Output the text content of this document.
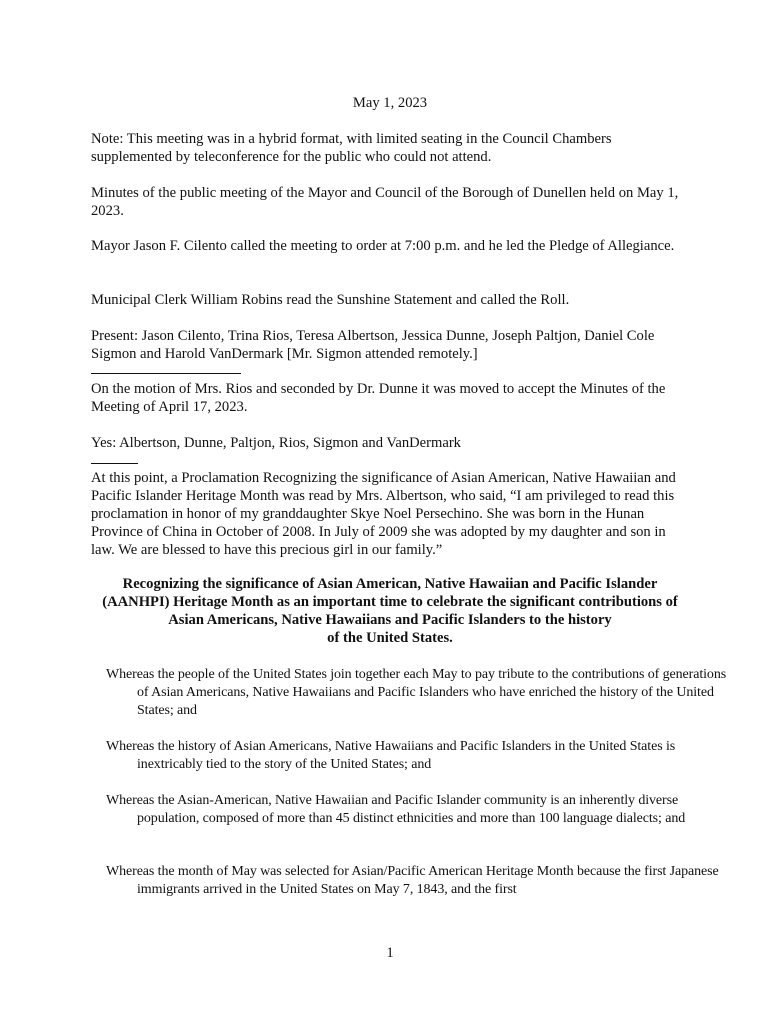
May 1, 2023

Note: This meeting was in a hybrid format, with limited seating in the Council Chambers supplemented by teleconference for the public who could not attend.

Minutes of the public meeting of the Mayor and Council of the Borough of Dunellen held on May 1, 2023.

Mayor Jason F. Cilento called the meeting to order at 7:00 p.m. and he led the Pledge of Allegiance.

Municipal Clerk William Robins read the Sunshine Statement and called the Roll.

Present: Jason Cilento, Trina Rios, Teresa Albertson, Jessica Dunne, Joseph Paltjon, Daniel Cole Sigmon and Harold VanDermark [Mr. Sigmon attended remotely.]

On the motion of Mrs. Rios and seconded by Dr. Dunne it was moved to accept the Minutes of the Meeting of April 17, 2023.

Yes: Albertson, Dunne, Paltjon, Rios, Sigmon and VanDermark

At this point, a Proclamation Recognizing the significance of Asian American, Native Hawaiian and Pacific Islander Heritage Month was read by Mrs. Albertson, who said, “I am privileged to read this proclamation in honor of my granddaughter Skye Noel Persechino. She was born in the Hunan Province of China in October of 2008. In July of 2009 she was adopted by my daughter and son in law. We are blessed to have this precious girl in our family.”

Recognizing the significance of Asian American, Native Hawaiian and Pacific Islander
(AANHPI) Heritage Month as an important time to celebrate the significant contributions of
Asian Americans, Native Hawaiians and Pacific Islanders to the history
of the United States.

Whereas the people of the United States join together each May to pay tribute to the contributions of generations of Asian Americans, Native Hawaiians and Pacific Islanders who have enriched the history of the United States; and

Whereas the history of Asian Americans, Native Hawaiians and Pacific Islanders in the United States is inextricably tied to the story of the United States; and

Whereas the Asian-American, Native Hawaiian and Pacific Islander community is an inherently diverse population, composed of more than 45 distinct ethnicities and more than 100 language dialects; and

Whereas the month of May was selected for Asian/Pacific American Heritage Month because the first Japanese immigrants arrived in the United States on May 7, 1843, and the first

1
